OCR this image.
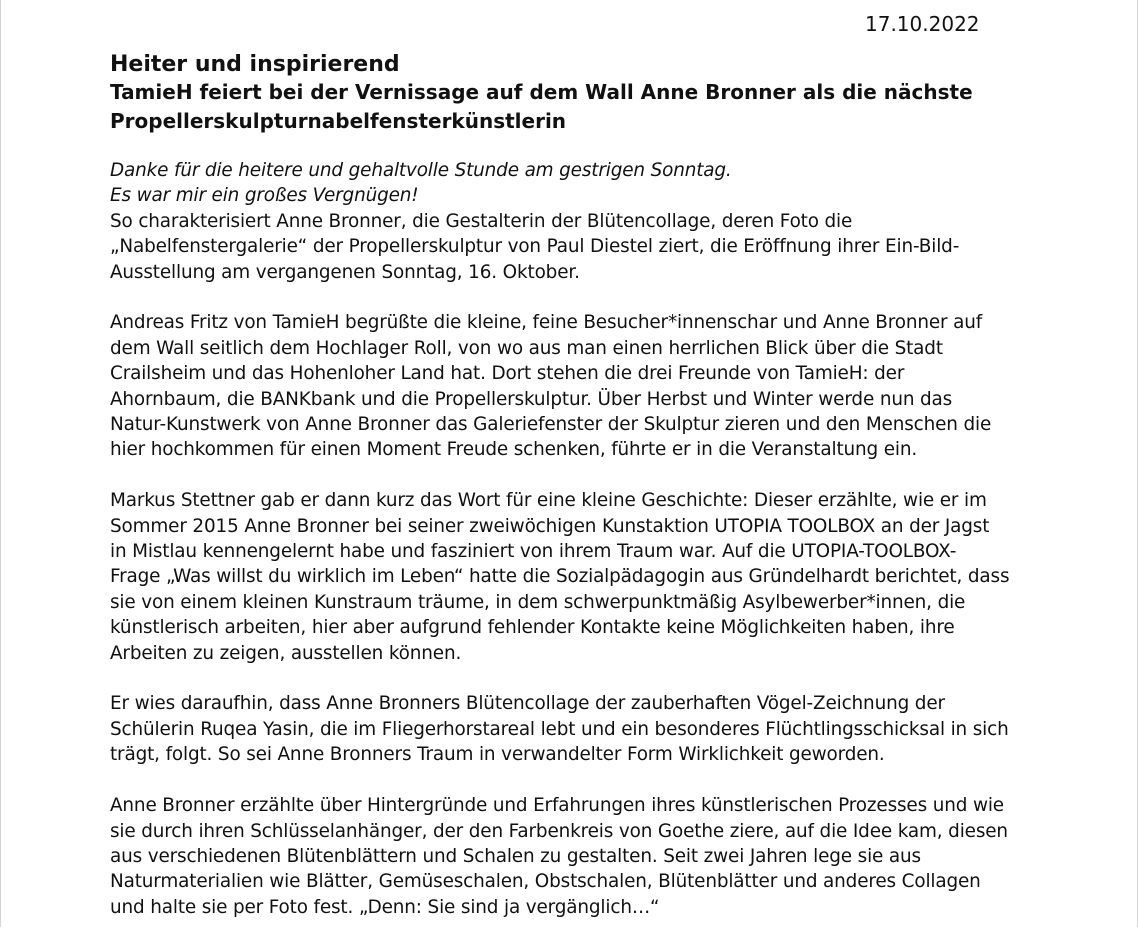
17.10.2022

Heiter und inspirierend

TamieH feiert bei der Vernissage auf dem Wall Anne Bronner als die nächste
Propellerskulpturnabelfensterkünstlerin

Danke für die heitere und gehaltvolle Stunde am gestrigen Sonntag.
Es war mir ein großes Vergnügen!

So charakterisiert Anne Bronner, die Gestalterin der Blütencollage, deren Foto die
„Nabelfenstergalerie“ der Propellerskulptur von Paul Diestel ziert, die Eröffnung ihrer Ein-Bild-
Ausstellung am vergangenen Sonntag, 16. Oktober.

Andreas Fritz von TamieH begrüßte die kleine, feine Besucher*innenschar und Anne Bronner auf
dem Wall seitlich dem Hochlager Roll, von wo aus man einen herrlichen Blick über die Stadt
Crailsheim und das Hohenloher Land hat. Dort stehen die drei Freunde von TamieH: der
Ahornbaum, die BANKbank und die Propellerskulptur. Über Herbst und Winter werde nun das
Natur-Kunstwerk von Anne Bronner das Galeriefenster der Skulptur zieren und den Menschen die
hier hochkommen für einen Moment Freude schenken, führte er in die Veranstaltung ein.

Markus Stettner gab er dann kurz das Wort für eine kleine Geschichte: Dieser erzählte, wie er im
Sommer 2015 Anne Bronner bei seiner zweiwöchigen Kunstaktion UTOPIA TOOLBOX an der Jagst
in Mistlau kennengelernt habe und fasziniert von ihrem Traum war. Auf die UTOPIA-TOOLBOX-
Frage „Was willst du wirklich im Leben“ hatte die Sozialpädagogin aus Gründelhardt berichtet, dass
sie von einem kleinen Kunstraum träume, in dem schwerpunktmäßig Asylbewerber*innen, die
künstlerisch arbeiten, hier aber aufgrund fehlender Kontakte keine Möglichkeiten haben, ihre
Arbeiten zu zeigen, ausstellen können.

Er wies daraufhin, dass Anne Bronners Blütencollage der zauberhaften Vögel-Zeichnung der
Schülerin Ruqea Yasin, die im Fliegerhorstareal lebt und ein besonderes Flüchtlingsschicksal in sich
trägt, folgt. So sei Anne Bronners Traum in verwandelter Form Wirklichkeit geworden.

Anne Bronner erzählte über Hintergründe und Erfahrungen ihres künstlerischen Prozesses und wie
sie durch ihren Schlüsselanhänger, der den Farbenkreis von Goethe ziere, auf die Idee kam, diesen
aus verschiedenen Blütenblättern und Schalen zu gestalten. Seit zwei Jahren lege sie aus
Naturmaterialien wie Blätter, Gemüseschalen, Obstschalen, Blütenblätter und anderes Collagen
und halte sie per Foto fest. „Denn: Sie sind ja vergänglich…“
